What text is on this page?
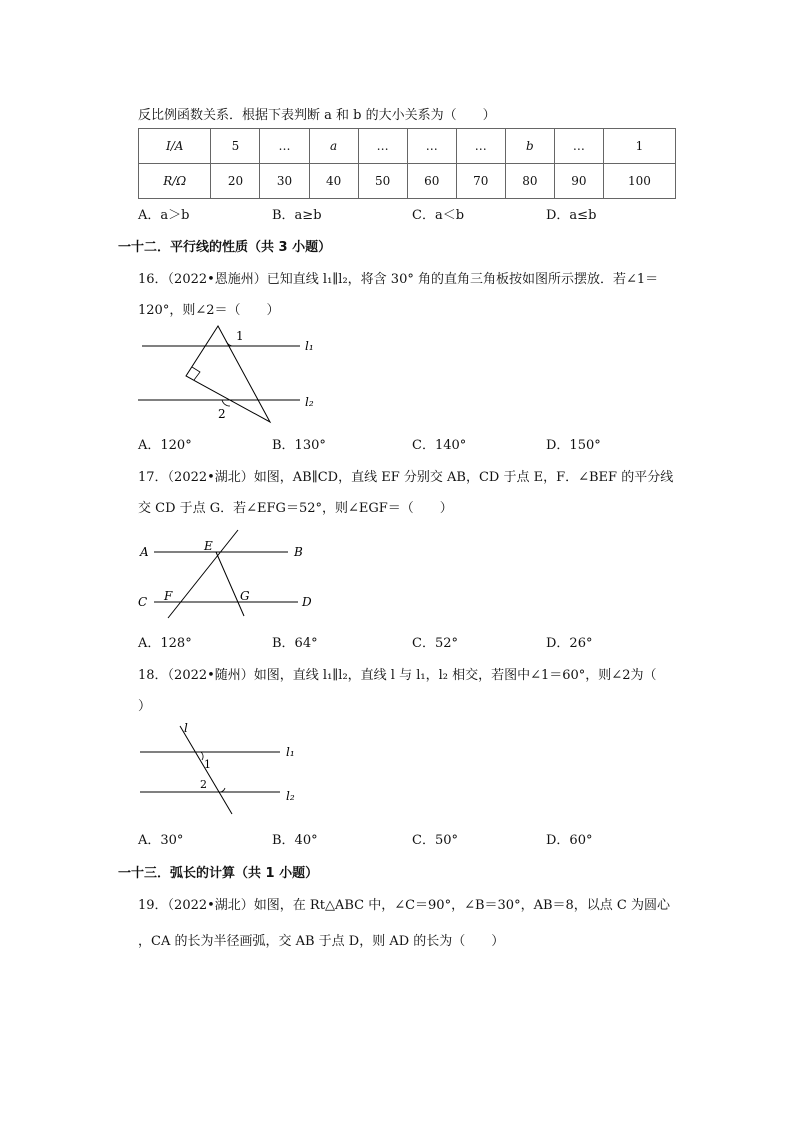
反比例函数关系．根据下表判断 a 和 b 的大小关系为（　　）
I/A	5	…	a	…	…	…	b	…	1
R/Ω	20	30	40	50	60	70	80	90	100
A．a＞b	B．a≥b	C．a＜b	D．a≤b
一十二．平行线的性质（共 3 小题）
16．（2022•恩施州）已知直线 l₁∥l₂，将含 30° 角的直角三角板按如图所示摆放．若∠1＝
120°，则∠2＝（　　）
1
2
l₁
l₂
A．120°	B．130°	C．140°	D．150°
17．（2022•湖北）如图，AB∥CD，直线 EF 分别交 AB，CD 于点 E，F．∠BEF 的平分线
交 CD 于点 G．若∠EFG＝52°，则∠EGF＝（　　）
A	B
C	D
E
F	G
A．128°	B．64°	C．52°	D．26°
18．（2022•随州）如图，直线 l₁∥l₂，直线 l 与 l₁，l₂ 相交，若图中∠1＝60°，则∠2为（
）
l
1
2
l₁
l₂
A．30°	B．40°	C．50°	D．60°
一十三．弧长的计算（共 1 小题）
19．（2022•湖北）如图，在 Rt△ABC 中，∠C＝90°，∠B＝30°，AB＝8，以点 C 为圆心
，CA 的长为半径画弧，交 AB 于点 D，则 AD 的长为（　　）
